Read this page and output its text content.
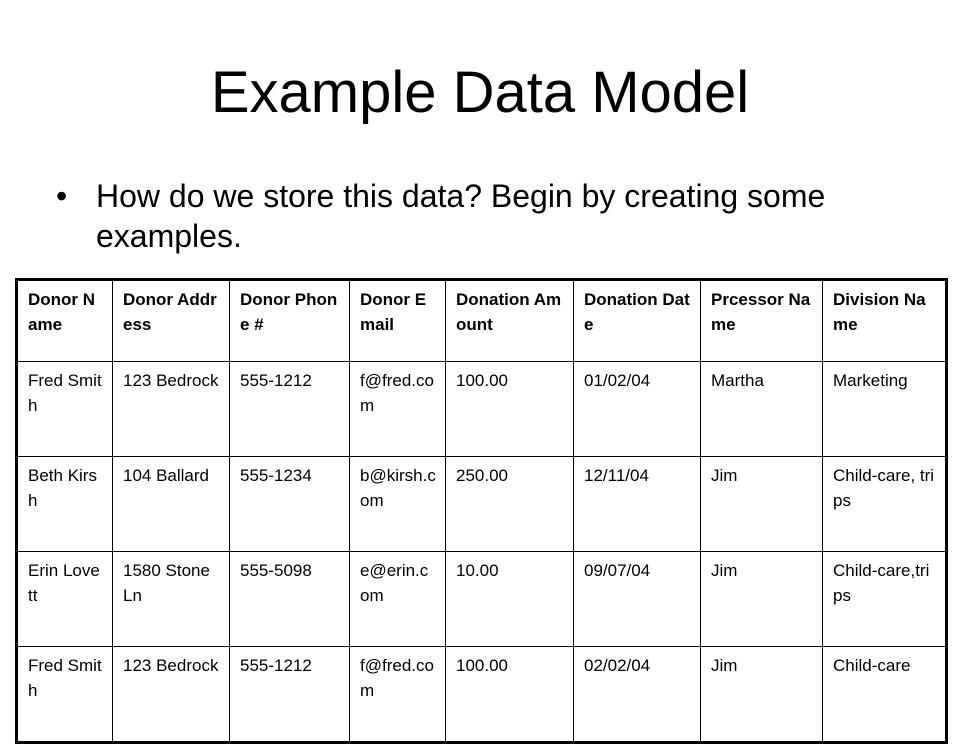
Example Data Model
• How do we store this data? Begin by creating some examples.
Donor Name	Donor Address	Donor Phone #	Donor Email	Donation Amount	Donation Date	Prcessor Name	Division Name
Fred Smith	123 Bedrock	555-1212	f@fred.com	100.00	01/02/04	Martha	Marketing
Beth Kirsh	104 Ballard	555-1234	b@kirsh.com	250.00	12/11/04	Jim	Child-care, trips
Erin Lovett	1580 Stone Ln	555-5098	e@erin.com	10.00	09/07/04	Jim	Child-care,trips
Fred Smith	123 Bedrock	555-1212	f@fred.com	100.00	02/02/04	Jim	Child-care
